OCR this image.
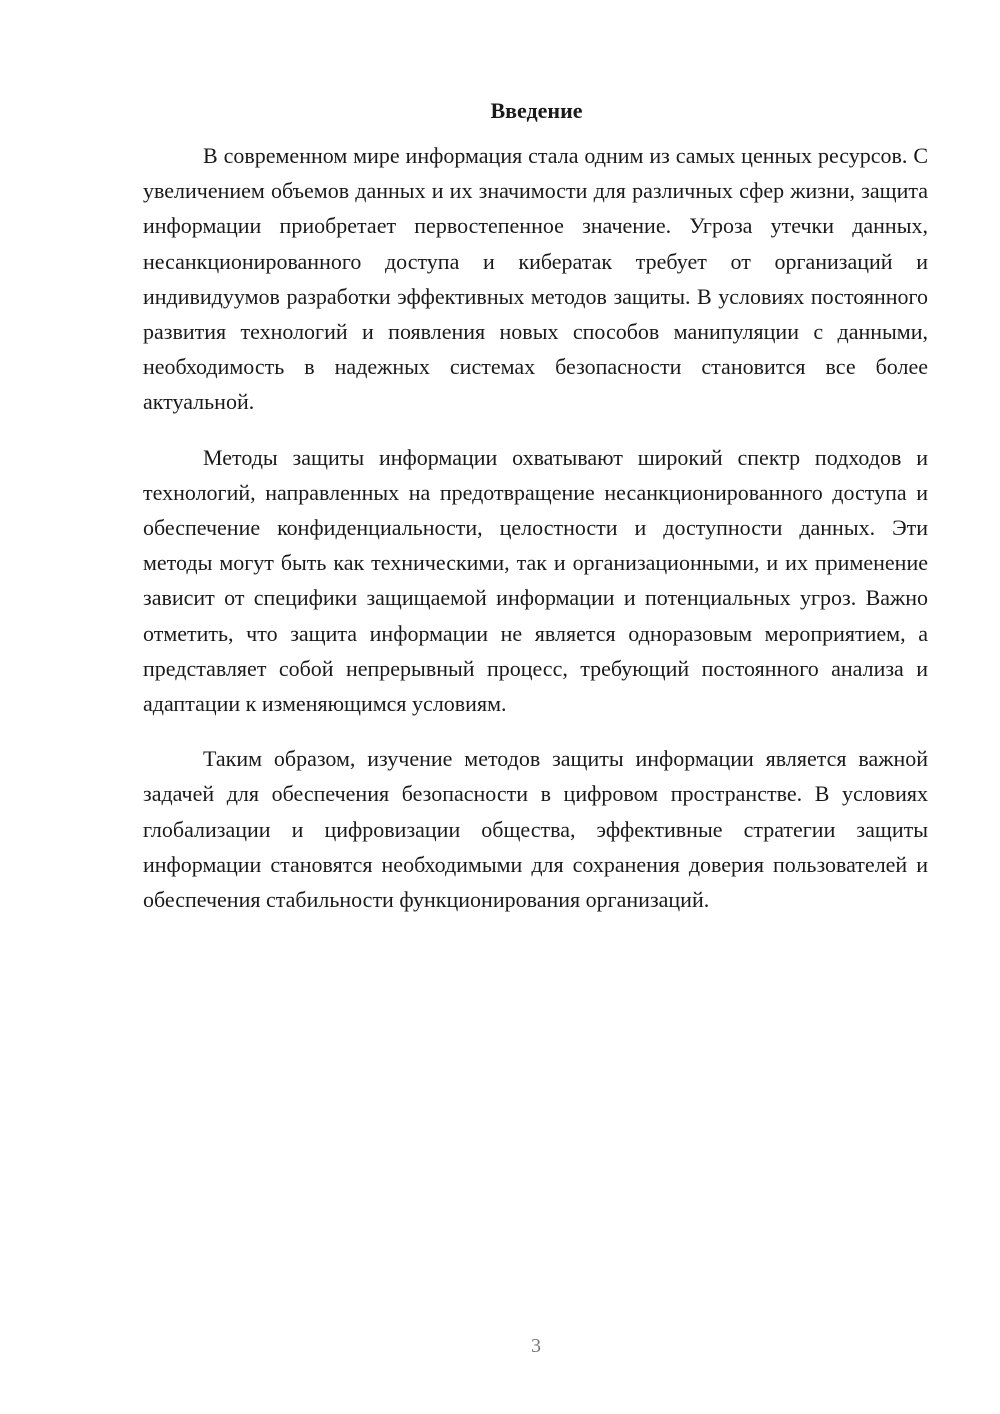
Введение

В современном мире информация стала одним из самых ценных ресурсов. С увеличением объемов данных и их значимости для различных сфер жизни, защита информации приобретает первостепенное значение. Угроза утечки данных, несанкционированного доступа и кибератак требует от организаций и индивидуумов разработки эффективных методов защиты. В условиях постоянного развития технологий и появления новых способов манипуляции с данными, необходимость в надежных системах безопасности становится все более актуальной.

Методы защиты информации охватывают широкий спектр подходов и технологий, направленных на предотвращение несанкционированного доступа и обеспечение конфиденциальности, целостности и доступности данных. Эти методы могут быть как техническими, так и организационными, и их применение зависит от специфики защищаемой информации и потенциальных угроз. Важно отметить, что защита информации не является одноразовым мероприятием, а представляет собой непрерывный процесс, требующий постоянного анализа и адаптации к изменяющимся условиям.

Таким образом, изучение методов защиты информации является важной задачей для обеспечения безопасности в цифровом пространстве. В условиях глобализации и цифровизации общества, эффективные стратегии защиты информации становятся необходимыми для сохранения доверия пользователей и обеспечения стабильности функционирования организаций.

3
